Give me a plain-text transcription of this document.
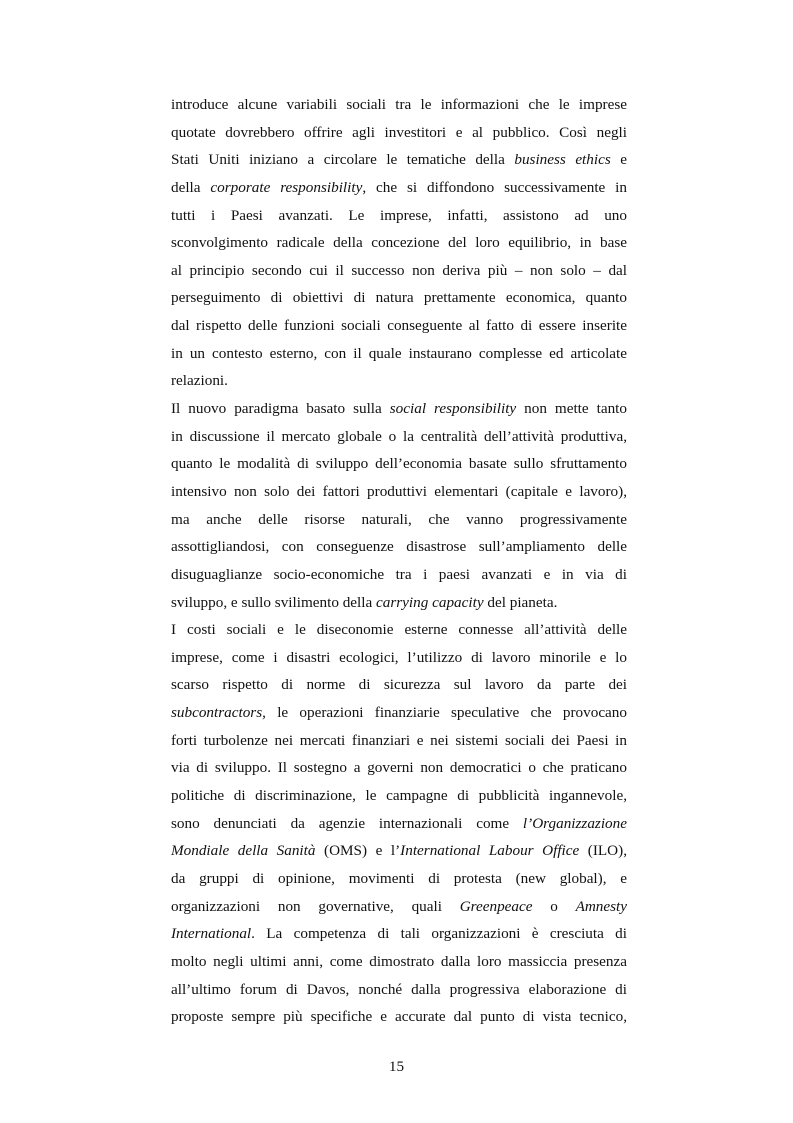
introduce alcune variabili sociali tra le informazioni che le imprese
quotate dovrebbero offrire agli investitori e al pubblico. Così negli
Stati Uniti iniziano a circolare le tematiche della business ethics e
della corporate responsibility, che si diffondono successivamente in
tutti i Paesi avanzati. Le imprese, infatti, assistono ad uno
sconvolgimento radicale della concezione del loro equilibrio, in base
al principio secondo cui il successo non deriva più – non solo – dal
perseguimento di obiettivi di natura prettamente economica, quanto
dal rispetto delle funzioni sociali conseguente al fatto di essere inserite
in un contesto esterno, con il quale instaurano complesse ed articolate
relazioni.
Il nuovo paradigma basato sulla social responsibility non mette tanto
in discussione il mercato globale o la centralità dell’attività produttiva,
quanto le modalità di sviluppo dell’economia basate sullo sfruttamento
intensivo non solo dei fattori produttivi elementari (capitale e lavoro),
ma anche delle risorse naturali, che vanno progressivamente
assottigliandosi, con conseguenze disastrose sull’ampliamento delle
disuguaglianze socio-economiche tra i paesi avanzati e in via di
sviluppo, e sullo svilimento della carrying capacity del pianeta.
I costi sociali e le diseconomie esterne connesse all’attività delle
imprese, come i disastri ecologici, l’utilizzo di lavoro minorile e lo
scarso rispetto di norme di sicurezza sul lavoro da parte dei
subcontractors, le operazioni finanziarie speculative che provocano
forti turbolenze nei mercati finanziari e nei sistemi sociali dei Paesi in
via di sviluppo. Il sostegno a governi non democratici o che praticano
politiche di discriminazione, le campagne di pubblicità ingannevole,
sono denunciati da agenzie internazionali come l’Organizzazione
Mondiale della Sanità (OMS) e l’International Labour Office (ILO),
da gruppi di opinione, movimenti di protesta (new global), e
organizzazioni non governative, quali Greenpeace o Amnesty
International. La competenza di tali organizzazioni è cresciuta di
molto negli ultimi anni, come dimostrato dalla loro massiccia presenza
all’ultimo forum di Davos, nonché dalla progressiva elaborazione di
proposte sempre più specifiche e accurate dal punto di vista tecnico,
15
